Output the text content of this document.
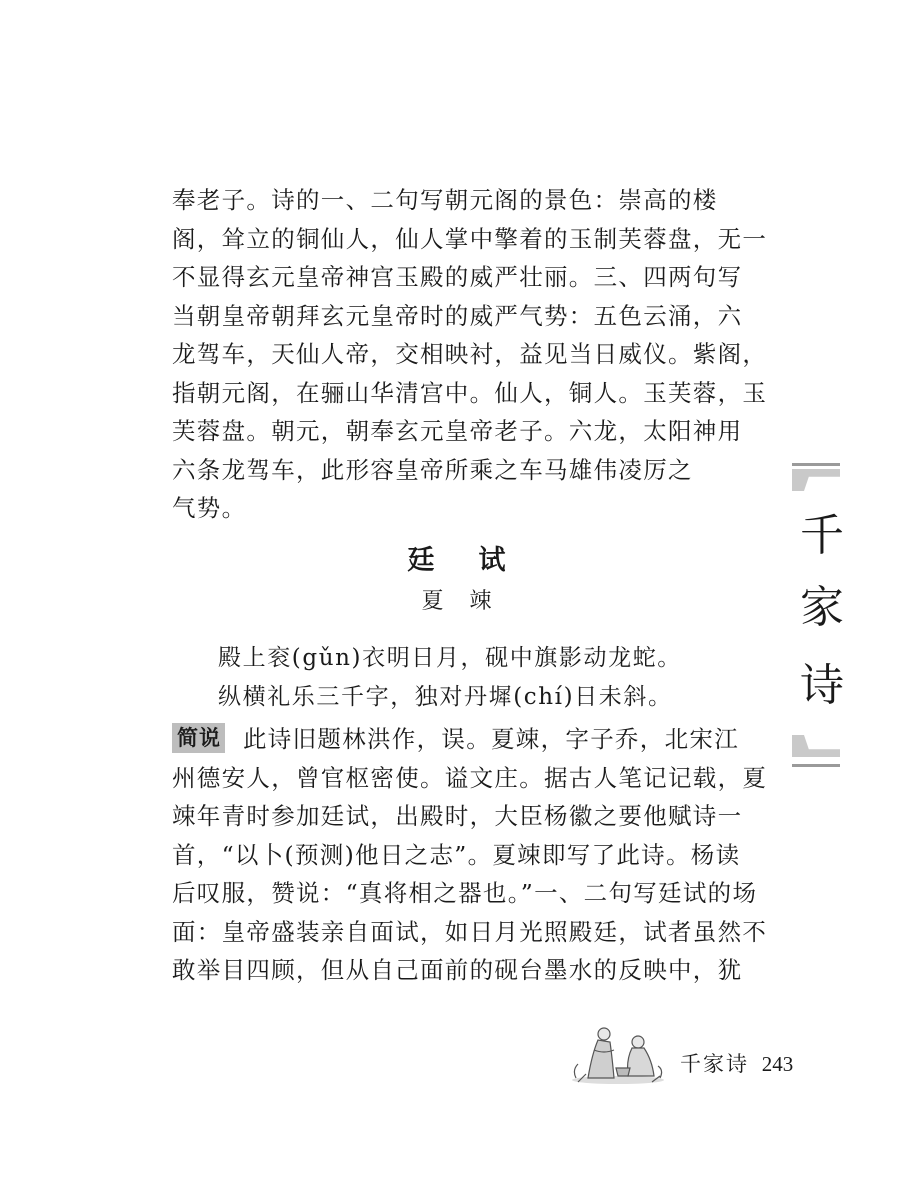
奉老子。诗的一、二句写朝元阁的景色：崇高的楼
阁，耸立的铜仙人，仙人掌中擎着的玉制芙蓉盘，无一
不显得玄元皇帝神宫玉殿的威严壮丽。三、四两句写
当朝皇帝朝拜玄元皇帝时的威严气势：五色云涌，六
龙驾车，天仙人帝，交相映衬，益见当日威仪。紫阁，
指朝元阁，在骊山华清宫中。仙人，铜人。玉芙蓉，玉
芙蓉盘。朝元，朝奉玄元皇帝老子。六龙，太阳神用
六条龙驾车，此形容皇帝所乘之车马雄伟凌厉之
气势。

廷试
夏竦

殿上衮(gǔn)衣明日月，砚中旗影动龙蛇。

纵横礼乐三千字，独对丹墀(chí)日未斜。

简说 此诗旧题林洪作，误。夏竦，字子乔，北宋江
州德安人，曾官枢密使。谥文庄。据古人笔记记载，夏
竦年青时参加廷试，出殿时，大臣杨徽之要他赋诗一
首，“以卜(预测)他日之志”。夏竦即写了此诗。杨读
后叹服，赞说：“真将相之器也。”一、二句写廷试的场
面：皇帝盛装亲自面试，如日月光照殿廷，试者虽然不
敢举目四顾，但从自己面前的砚台墨水的反映中，犹

千
家
诗
千家诗 243
